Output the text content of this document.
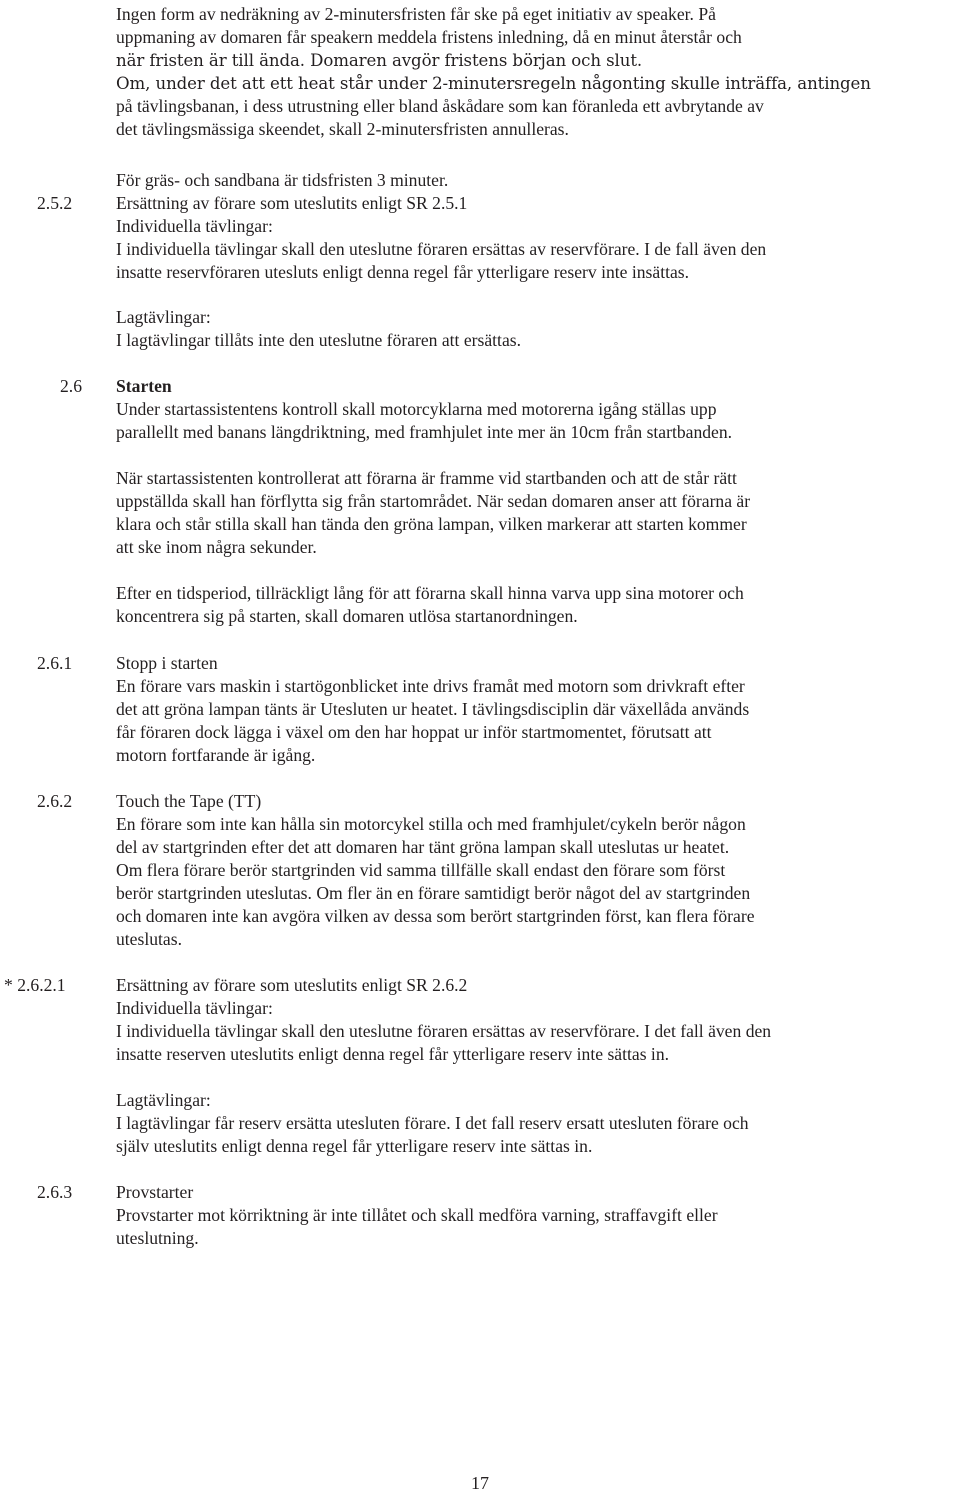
Ingen form av nedräkning av 2-minutersfristen får ske på eget initiativ av speaker. På
uppmaning av domaren får speakern meddela fristens inledning, då en minut återstår och
när fristen är till ända. Domaren avgör fristens början och slut.
Om, under det att ett heat står under 2-minutersregeln någonting skulle inträffa, antingen
på tävlingsbanan, i dess utrustning eller bland åskådare som kan föranleda ett avbrytande av
det tävlingsmässiga skeendet, skall 2-minutersfristen annulleras.
För gräs- och sandbana är tidsfristen 3 minuter.
2.5.2 Ersättning av förare som uteslutits enligt SR 2.5.1
Individuella tävlingar:
I individuella tävlingar skall den uteslutne föraren ersättas av reservförare. I de fall även den
insatte reservföraren utesluts enligt denna regel får ytterligare reserv inte insättas.
Lagtävlingar:
I lagtävlingar tillåts inte den uteslutne föraren att ersättas.
2.6 Starten
Under startassistentens kontroll skall motorcyklarna med motorerna igång ställas upp
parallellt med banans längdriktning, med framhjulet inte mer än 10cm från startbanden.
När startassistenten kontrollerat att förarna är framme vid startbanden och att de står rätt
uppställda skall han förflytta sig från startområdet. När sedan domaren anser att förarna är
klara och står stilla skall han tända den gröna lampan, vilken markerar att starten kommer
att ske inom några sekunder.
Efter en tidsperiod, tillräckligt lång för att förarna skall hinna varva upp sina motorer och
koncentrera sig på starten, skall domaren utlösa startanordningen.
2.6.1 Stopp i starten
En förare vars maskin i startögonblicket inte drivs framåt med motorn som drivkraft efter
det att gröna lampan tänts är Utesluten ur heatet. I tävlingsdisciplin där växellåda används
får föraren dock lägga i växel om den har hoppat ur inför startmomentet, förutsatt att
motorn fortfarande är igång.
2.6.2 Touch the Tape (TT)
En förare som inte kan hålla sin motorcykel stilla och med framhjulet/cykeln berör någon
del av startgrinden efter det att domaren har tänt gröna lampan skall uteslutas ur heatet.
Om flera förare berör startgrinden vid samma tillfälle skall endast den förare som först
berör startgrinden uteslutas. Om fler än en förare samtidigt berör något del av startgrinden
och domaren inte kan avgöra vilken av dessa som berört startgrinden först, kan flera förare
uteslutas.
* 2.6.2.1	Ersättning av förare som uteslutits enligt SR 2.6.2
Individuella tävlingar:
I individuella tävlingar skall den uteslutne föraren ersättas av reservförare. I det fall även den
insatte reserven uteslutits enligt denna regel får ytterligare reserv inte sättas in.
Lagtävlingar:
I lagtävlingar får reserv ersätta utesluten förare. I det fall reserv ersatt utesluten förare och
själv uteslutits enligt denna regel får ytterligare reserv inte sättas in.
2.6.3 Provstarter
Provstarter mot körriktning är inte tillåtet och skall medföra varning, straffavgift eller
uteslutning.
17
